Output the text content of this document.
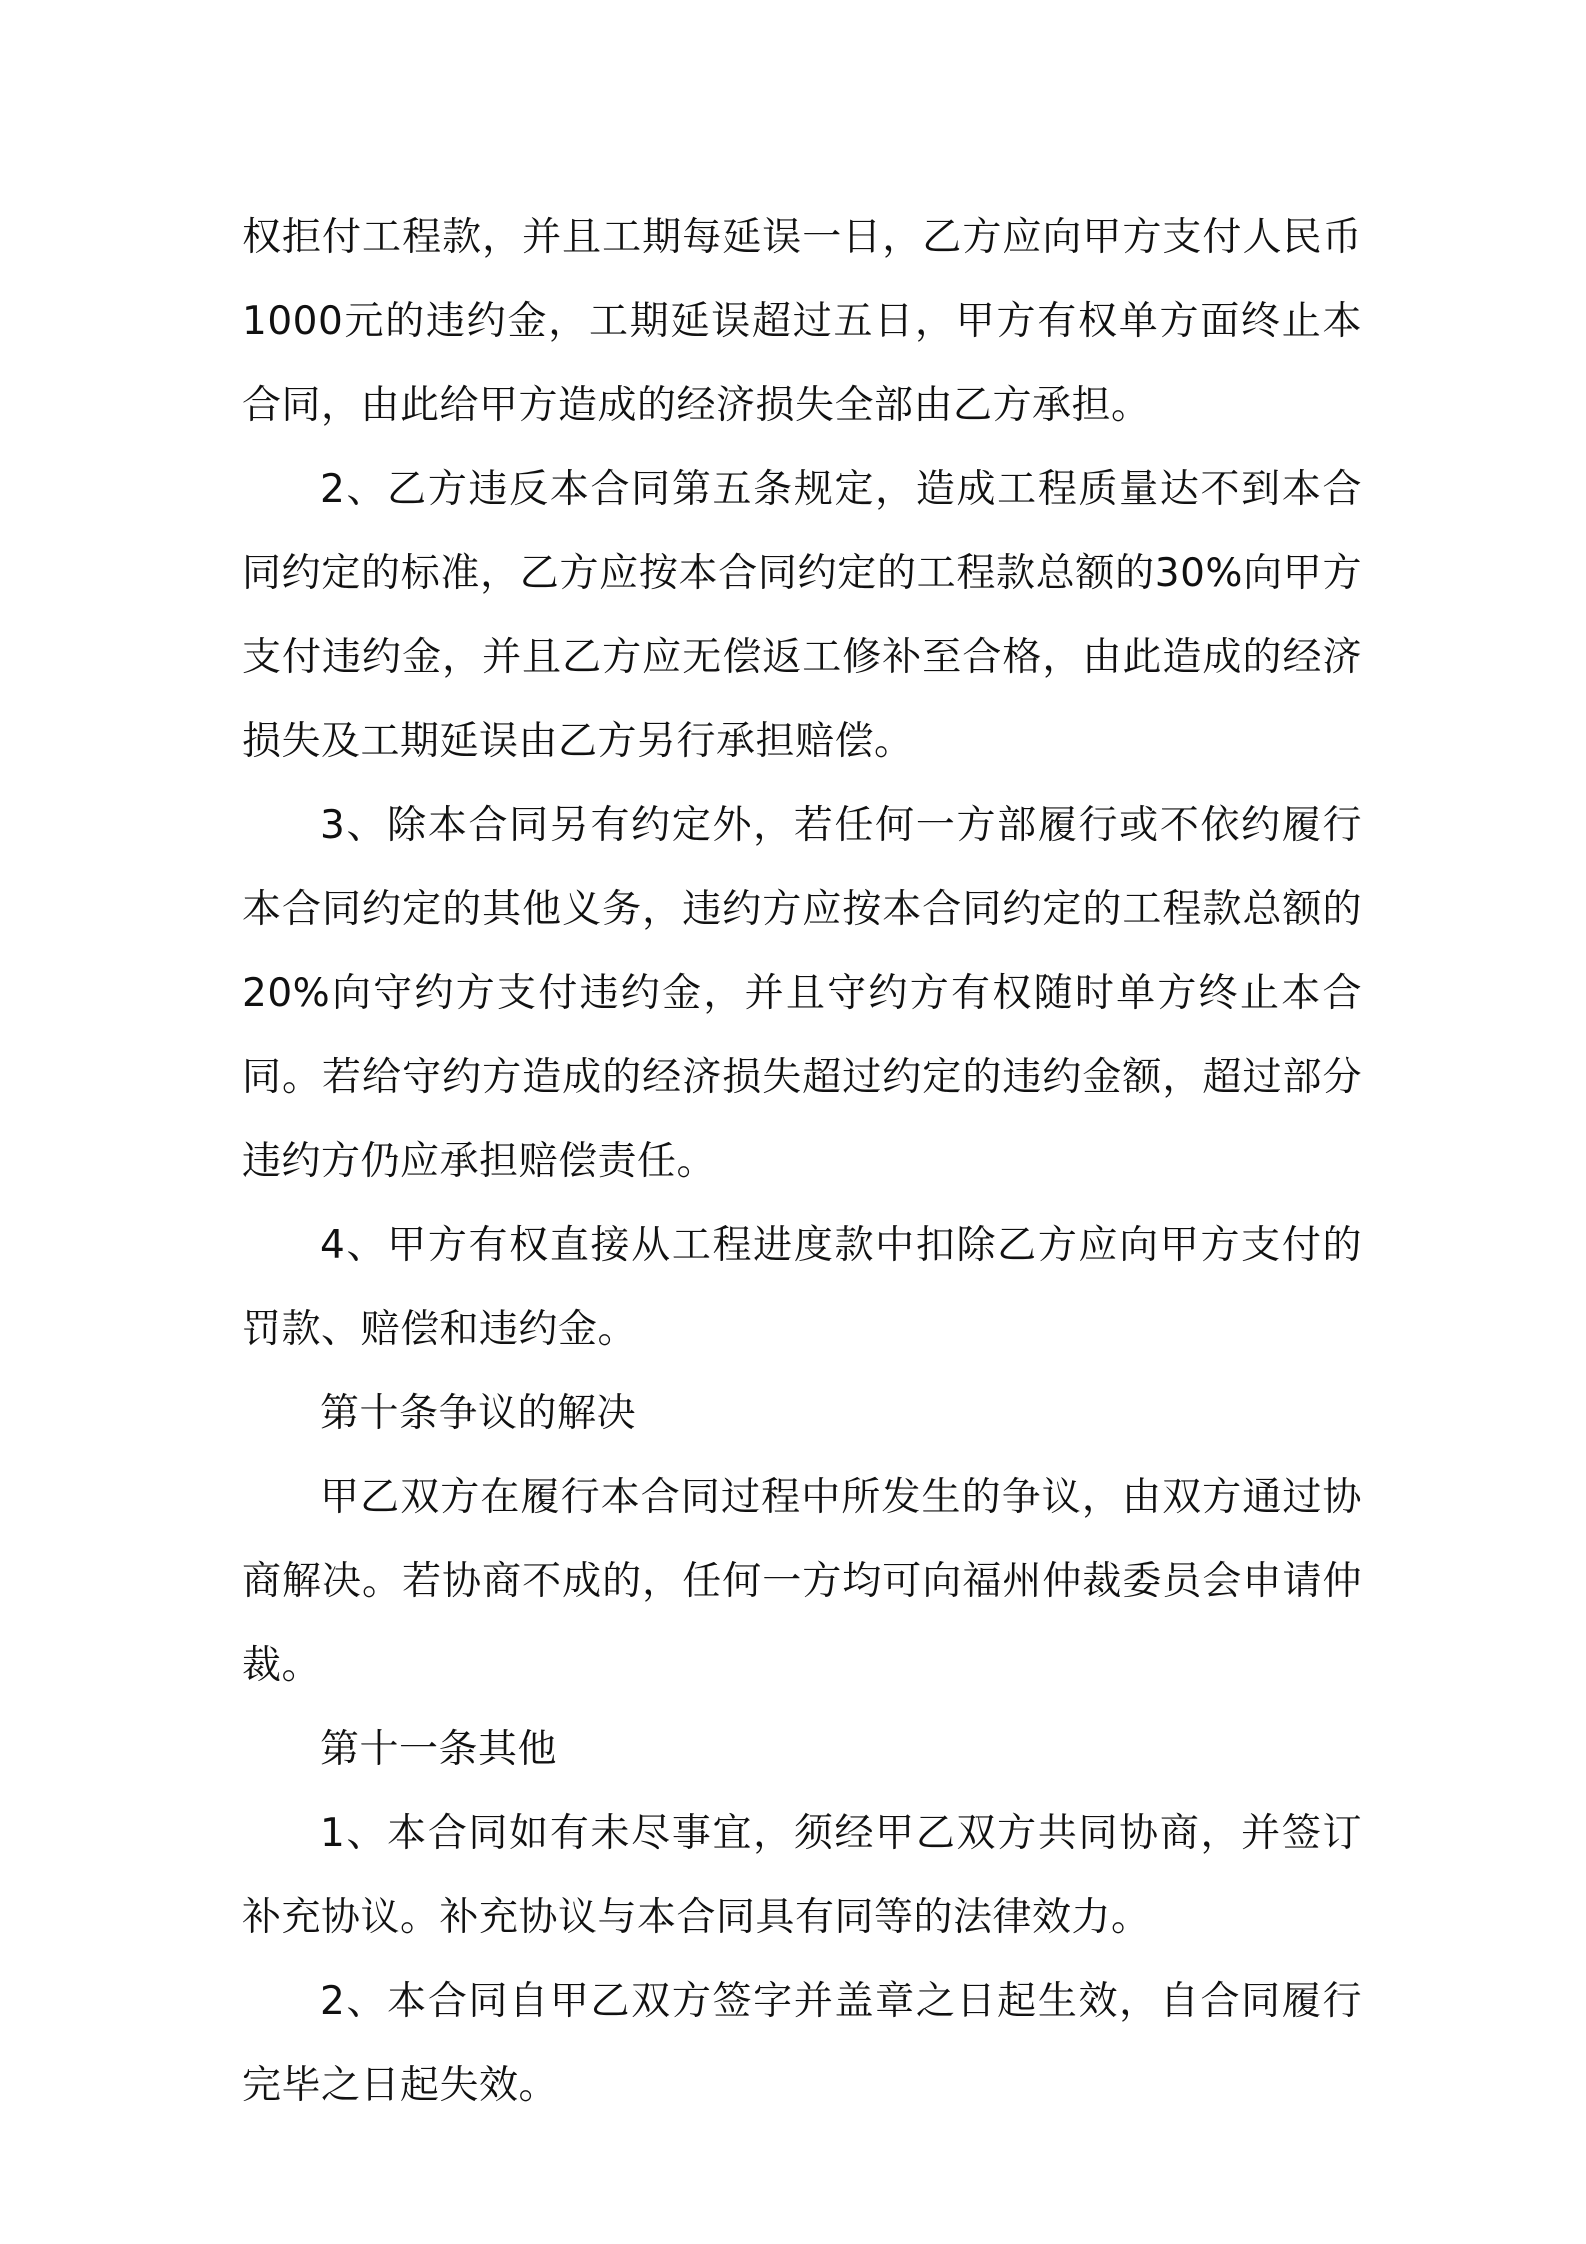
权拒付工程款，并且工期每延误一日，乙方应向甲方支付人民币1000元的违约金，工期延误超过五日，甲方有权单方面终止本合同，由此给甲方造成的经济损失全部由乙方承担。

2、乙方违反本合同第五条规定，造成工程质量达不到本合同约定的标准，乙方应按本合同约定的工程款总额的30%向甲方支付违约金，并且乙方应无偿返工修补至合格，由此造成的经济损失及工期延误由乙方另行承担赔偿。

3、除本合同另有约定外，若任何一方部履行或不依约履行本合同约定的其他义务，违约方应按本合同约定的工程款总额的20%向守约方支付违约金，并且守约方有权随时单方终止本合同。若给守约方造成的经济损失超过约定的违约金额，超过部分违约方仍应承担赔偿责任。

4、甲方有权直接从工程进度款中扣除乙方应向甲方支付的罚款、赔偿和违约金。

第十条争议的解决

甲乙双方在履行本合同过程中所发生的争议，由双方通过协商解决。若协商不成的，任何一方均可向福州仲裁委员会申请仲裁。

第十一条其他

1、本合同如有未尽事宜，须经甲乙双方共同协商，并签订补充协议。补充协议与本合同具有同等的法律效力。

2、本合同自甲乙双方签字并盖章之日起生效，自合同履行完毕之日起失效。
